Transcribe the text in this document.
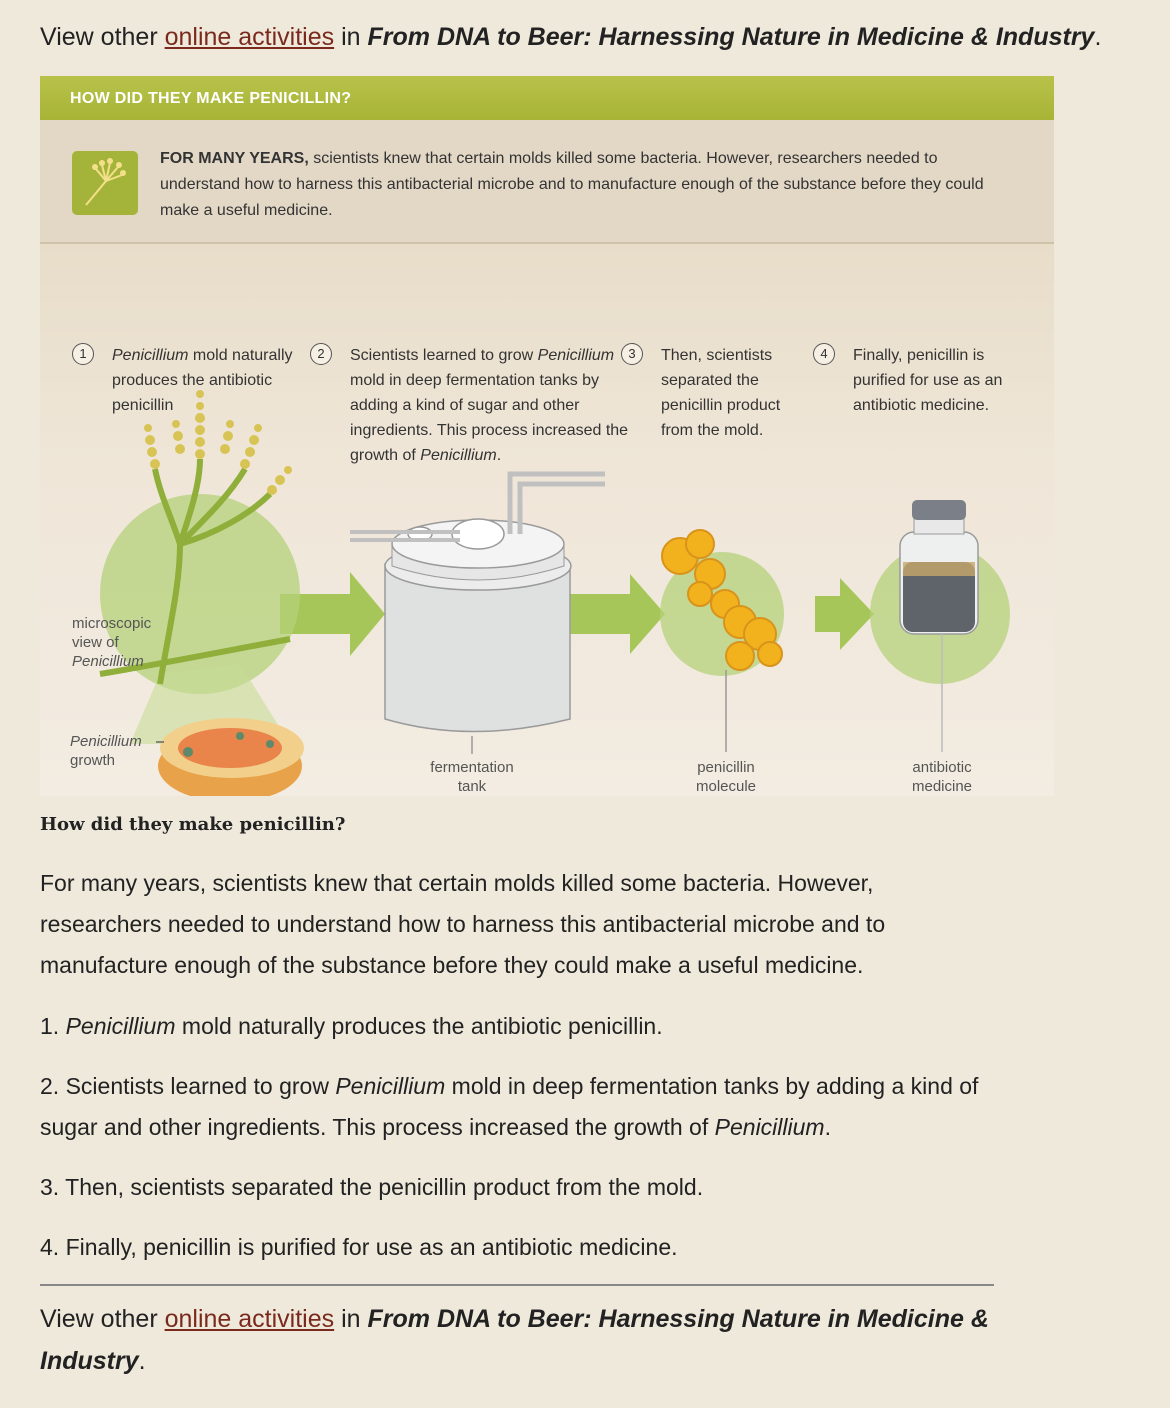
View other online activities in From DNA to Beer: Harnessing Nature in Medicine & Industry.
HOW DID THEY MAKE PENICILLIN?
FOR MANY YEARS, scientists knew that certain molds killed some bacteria. However, researchers needed to understand how to harness this antibacterial microbe and to manufacture enough of the substance before they could make a useful medicine.
1	Penicillium mold naturally produces the antibiotic penicillin
2	Scientists learned to grow Penicillium mold in deep fermentation tanks by adding a kind of sugar and other ingredients. This process increased the growth of Penicillium.
3	Then, scientists separated the penicillin product from the mold.
4	Finally, penicillin is purified for use as an antibiotic medicine.
microscopic
view of
Penicillium
Penicillium
growth	fermentation
tank
penicillin
molecule
antibiotic
medicine
How did they make penicillin?
For many years, scientists knew that certain molds killed some bacteria. However, researchers needed to understand how to harness this antibacterial microbe and to manufacture enough of the substance before they could make a useful medicine.
1. Penicillium mold naturally produces the antibiotic penicillin.
2. Scientists learned to grow Penicillium mold in deep fermentation tanks by adding a kind of sugar and other ingredients. This process increased the growth of Penicillium.
3. Then, scientists separated the penicillin product from the mold.
4. Finally, penicillin is purified for use as an antibiotic medicine.
View other online activities in From DNA to Beer: Harnessing Nature in Medicine & Industry.
